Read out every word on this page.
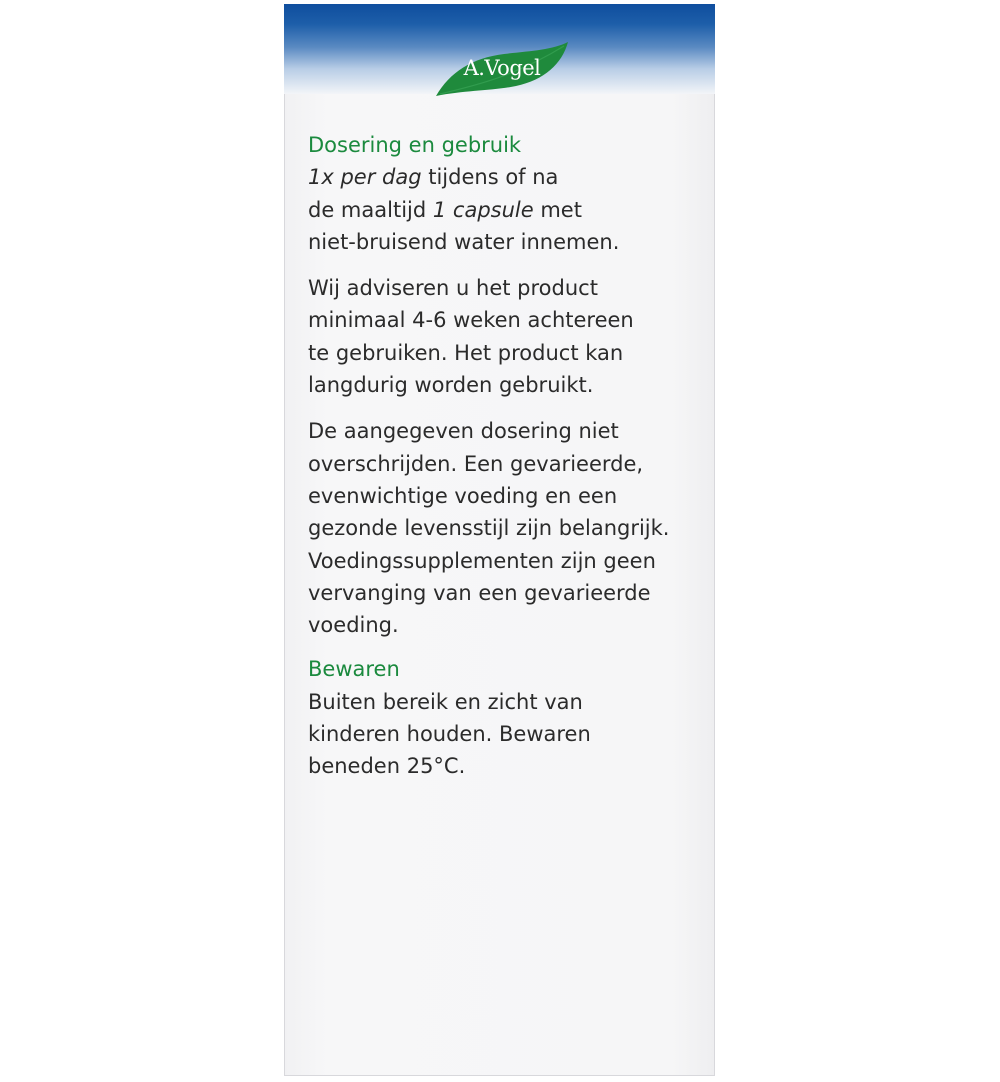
A.Vogel

Dosering en gebruik

1x per dag tijdens of na

de maaltijd 1 capsule met

niet-bruisend water innemen.

Wij adviseren u het product

minimaal 4-6 weken achtereen

te gebruiken. Het product kan

langdurig worden gebruikt.

De aangegeven dosering niet

overschrijden. Een gevarieerde,

evenwichtige voeding en een

gezonde levensstijl zijn belangrijk.

Voedingssupplementen zijn geen

vervanging van een gevarieerde

voeding.

Bewaren

Buiten bereik en zicht van

kinderen houden. Bewaren

beneden 25°C.
